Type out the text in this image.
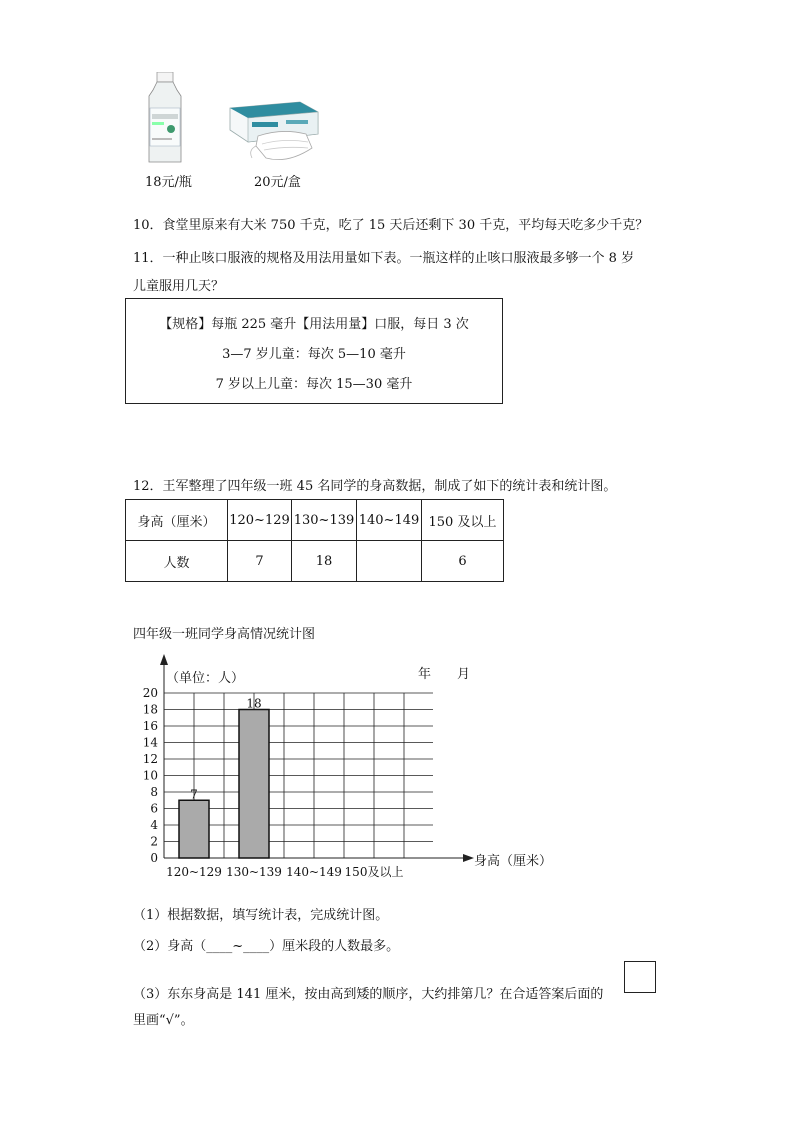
18元/瓶	20元/盒
10．食堂里原来有大米 750 千克，吃了 15 天后还剩下 30 千克，平均每天吃多少千克？
11．一种止咳口服液的规格及用法用量如下表。一瓶这样的止咳口服液最多够一个 8 岁
儿童服用几天？
【规格】每瓶 225 毫升【用法用量】口服，每日 3 次
3—7 岁儿童：每次 5—10 毫升
7 岁以上儿童：每次 15—30 毫升
12．王军整理了四年级一班 45 名同学的身高数据，制成了如下的统计表和统计图。
身高（厘米）	120~129	130~139	140~149	150 及以上
人数	7	18		6
四年级一班同学身高情况统计图
0
2
4
6
8
10
12
14
16
18
20
120~129
7
130~139
18
140~149 150及以上
（单位：人）	年　　月
身高（厘米）
（1）根据数据，填写统计表，完成统计图。
（2）身高（____~____）厘米段的人数最多。
（3）东东身高是 141 厘米，按由高到矮的顺序，大约排第几？在合适答案后面的
里画“√”。
